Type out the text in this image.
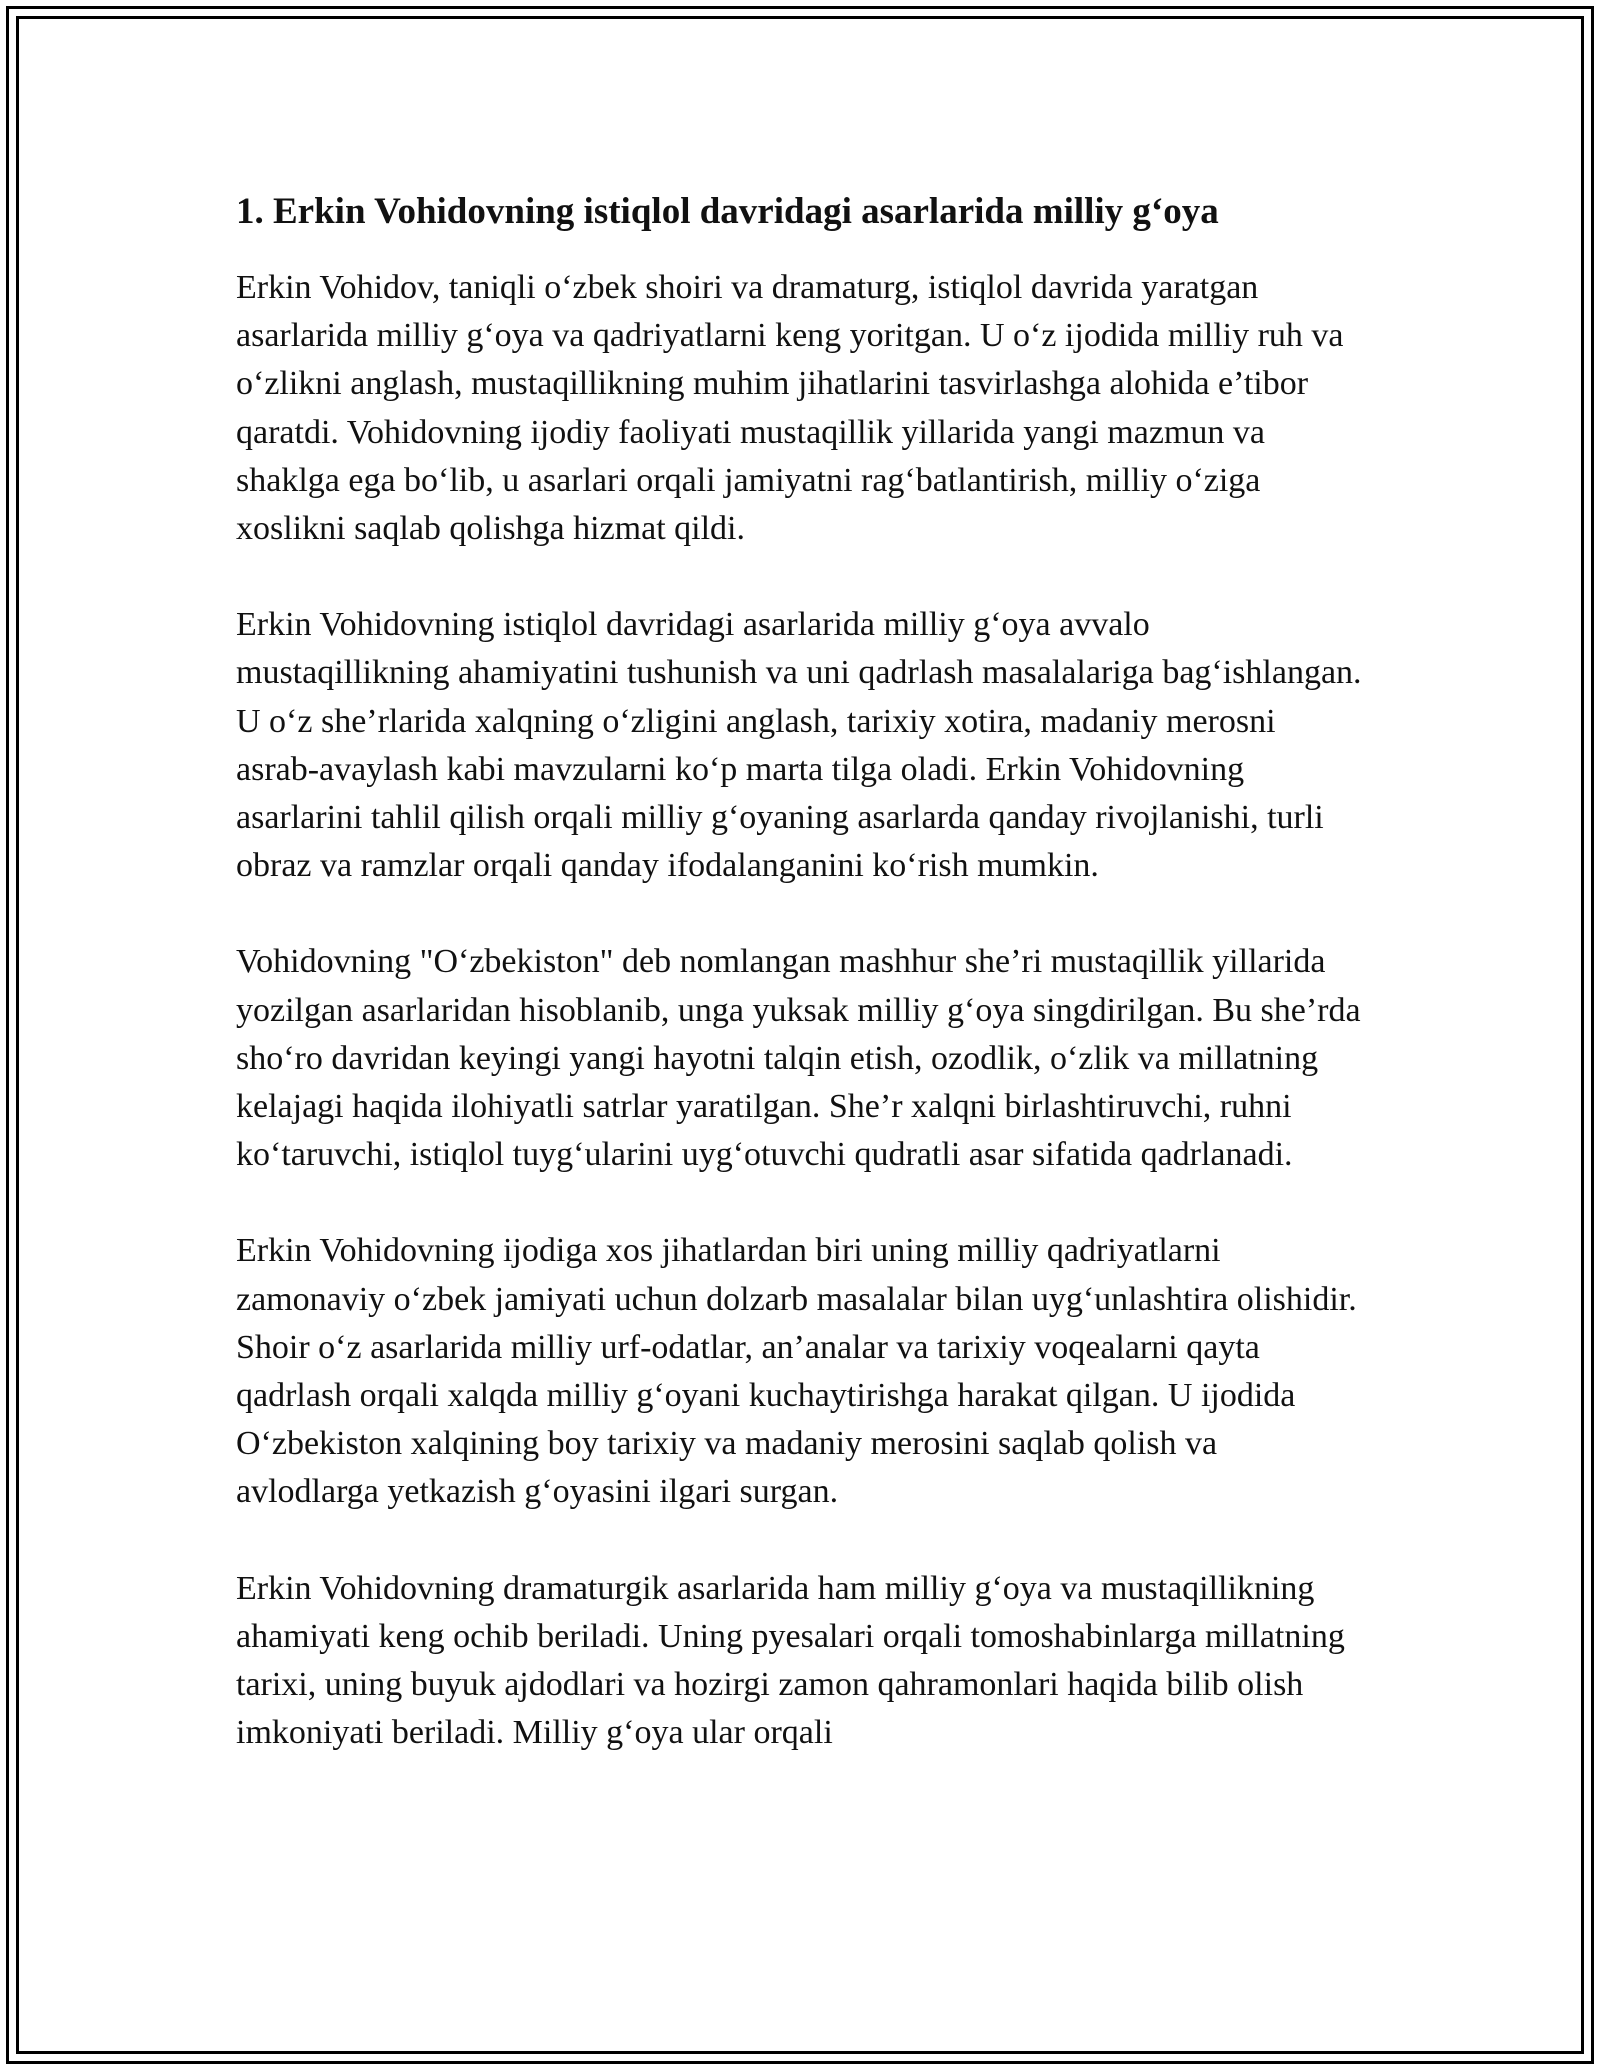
1. Erkin Vohidovning istiqlol davridagi asarlarida milliy g‘oya

Erkin Vohidov, taniqli o‘zbek shoiri va dramaturg, istiqlol davrida yaratgan asarlarida milliy g‘oya va qadriyatlarni keng yoritgan. U o‘z ijodida milliy ruh va o‘zlikni anglash, mustaqillikning muhim jihatlarini tasvirlashga alohida e’tibor qaratdi. Vohidovning ijodiy faoliyati mustaqillik yillarida yangi mazmun va shaklga ega bo‘lib, u asarlari orqali jamiyatni rag‘batlantirish, milliy o‘ziga xoslikni saqlab qolishga hizmat qildi.

Erkin Vohidovning istiqlol davridagi asarlarida milliy g‘oya avvalo mustaqillikning ahamiyatini tushunish va uni qadrlash masalalariga bag‘ishlangan. U o‘z she’rlarida xalqning o‘zligini anglash, tarixiy xotira, madaniy merosni asrab-avaylash kabi mavzularni ko‘p marta tilga oladi. Erkin Vohidovning asarlarini tahlil qilish orqali milliy g‘oyaning asarlarda qanday rivojlanishi, turli obraz va ramzlar orqali qanday ifodalanganini ko‘rish mumkin.

Vohidovning "O‘zbekiston" deb nomlangan mashhur she’ri mustaqillik yillarida yozilgan asarlaridan hisoblanib, unga yuksak milliy g‘oya singdirilgan. Bu she’rda sho‘ro davridan keyingi yangi hayotni talqin etish, ozodlik, o‘zlik va millatning kelajagi haqida ilohiyatli satrlar yaratilgan. She’r xalqni birlashtiruvchi, ruhni ko‘taruvchi, istiqlol tuyg‘ularini uyg‘otuvchi qudratli asar sifatida qadrlanadi.

Erkin Vohidovning ijodiga xos jihatlardan biri uning milliy qadriyatlarni zamonaviy o‘zbek jamiyati uchun dolzarb masalalar bilan uyg‘unlashtira olishidir. Shoir o‘z asarlarida milliy urf-odatlar, an’analar va tarixiy voqealarni qayta qadrlash orqali xalqda milliy g‘oyani kuchaytirishga harakat qilgan. U ijodida O‘zbekiston xalqining boy tarixiy va madaniy merosini saqlab qolish va avlodlarga yetkazish g‘oyasini ilgari surgan.

Erkin Vohidovning dramaturgik asarlarida ham milliy g‘oya va mustaqillikning ahamiyati keng ochib beriladi. Uning pyesalari orqali tomoshabinlarga millatning tarixi, uning buyuk ajdodlari va hozirgi zamon qahramonlari haqida bilib olish imkoniyati beriladi. Milliy g‘oya ular orqali
